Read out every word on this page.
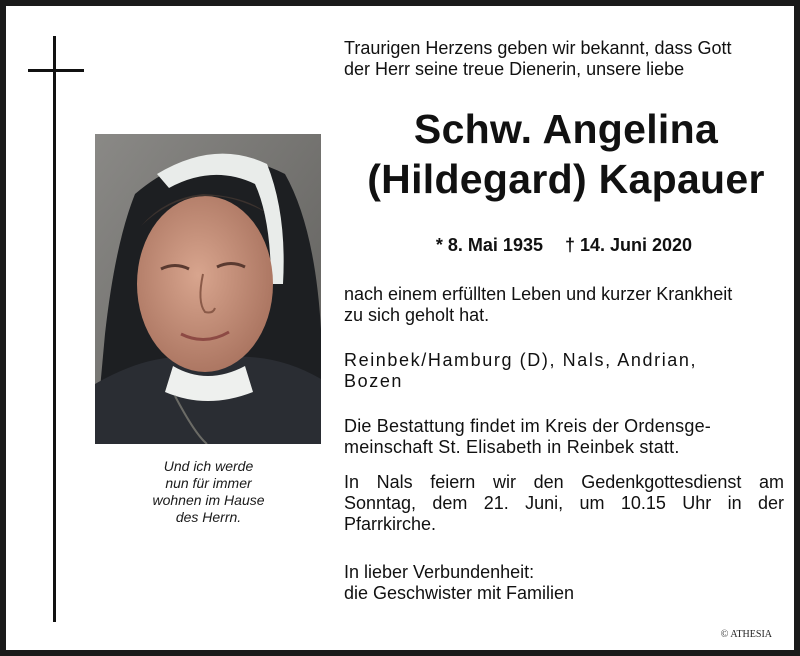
Und ich werde
nun für immer
wohnen im Hause
des Herrn.
Traurigen Herzens geben wir bekannt, dass Gott
der Herr seine treue Dienerin, unsere liebe
Schw. Angelina
(Hildegard) Kapauer
* 8. Mai 1935 † 14. Juni 2020
nach einem erfüllten Leben und kurzer Krankheit
zu sich geholt hat.
Reinbek/Hamburg (D), Nals, Andrian,
Bozen
Die Bestattung findet im Kreis der Ordensge-
meinschaft St. Elisabeth in Reinbek statt.
In Nals feiern wir den Gedenkgottesdienst am
Sonntag, dem 21. Juni, um 10.15 Uhr in der
Pfarrkirche.
In lieber Verbundenheit:
die Geschwister mit Familien
© ATHESIA
